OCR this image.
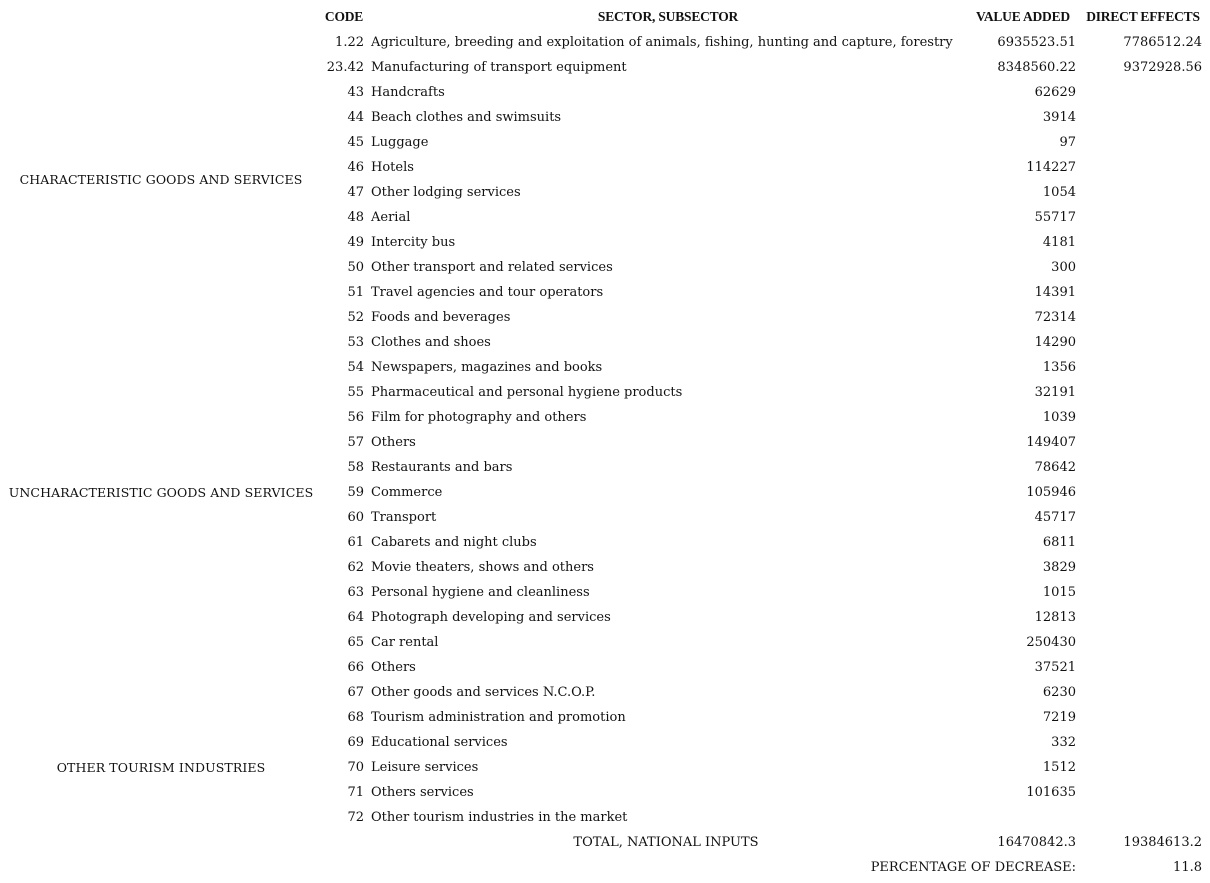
CODE	SECTOR, SUBSECTOR	VALUE ADDED	DIRECT EFFECTS
CHARACTERISTIC GOODS AND SERVICES
UNCHARACTERISTIC GOODS AND SERVICES
OTHER TOURISM INDUSTRIES
1.22 Agriculture, breeding and exploitation of animals, fishing, hunting and capture, forestry	6935523.51	7786512.24
23.42 Manufacturing of transport equipment	8348560.22	9372928.56
43 Handcrafts	62629
44 Beach clothes and swimsuits	3914
45 Luggage	97
46 Hotels	114227
47 Other lodging services	1054
48 Aerial	55717
49 Intercity bus	4181
50 Other transport and related services	300
51 Travel agencies and tour operators	14391
52 Foods and beverages	72314
53 Clothes and shoes	14290
54 Newspapers, magazines and books	1356
55 Pharmaceutical and personal hygiene products	32191
56 Film for photography and others	1039
57 Others	149407
58 Restaurants and bars	78642
59 Commerce	105946
60 Transport	45717
61 Cabarets and night clubs	6811
62 Movie theaters, shows and others	3829
63 Personal hygiene and cleanliness	1015
64 Photograph developing and services	12813
65 Car rental	250430
66 Others	37521
67 Other goods and services N.C.O.P.	6230
68 Tourism administration and promotion	7219
69 Educational services	332
70 Leisure services	1512
71 Others services	101635
72 Other tourism industries in the market
TOTAL, NATIONAL INPUTS	16470842.3	19384613.2
PERCENTAGE OF DECREASE:	11.8
